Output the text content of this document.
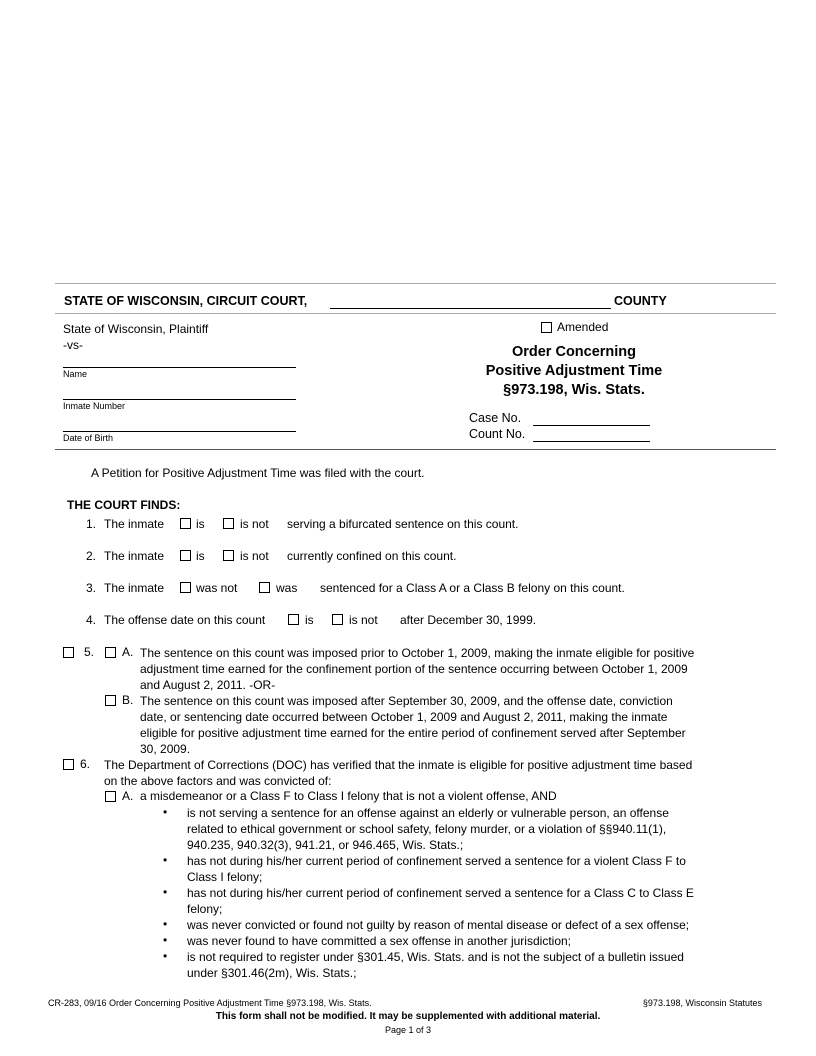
STATE OF WISCONSIN, CIRCUIT COURT,	COUNTY
State of Wisconsin, Plaintiff
-vs-
Name
Inmate Number
Date of Birth
Amended
Order Concerning
Positive Adjustment Time
§973.198, Wis. Stats.
Case No.
Count No.
A Petition for Positive Adjustment Time was filed with the court.
THE COURT FINDS:
1. The inmate	is	is not serving a bifurcated sentence on this count.
2. The inmate	is	is not currently confined on this count.
3. The inmate	was not	was sentenced for a Class A or a Class B felony on this count.
4. The offense date on this count	is	is not after December 30, 1999.
5. A. The sentence on this count was imposed prior to October 1, 2009, making the inmate eligible for positive
adjustment time earned for the confinement portion of the sentence occurring between October 1, 2009
and August 2, 2011. -OR-
B. The sentence on this count was imposed after September 30, 2009, and the offense date, conviction
date, or sentencing date occurred between October 1, 2009 and August 2, 2011, making the inmate
eligible for positive adjustment time earned for the entire period of confinement served after September
30, 2009.
6. The Department of Corrections (DOC) has verified that the inmate is eligible for positive adjustment time based
on the above factors and was convicted of:
A. a misdemeanor or a Class F to Class I felony that is not a violent offense, AND
• is not serving a sentence for an offense against an elderly or vulnerable person, an offense
related to ethical government or school safety, felony murder, or a violation of §§940.11(1),
940.235, 940.32(3), 941.21, or 946.465, Wis. Stats.;
• has not during his/her current period of confinement served a sentence for a violent Class F to
Class I felony;
• has not during his/her current period of confinement served a sentence for a Class C to Class E
felony;
• was never convicted or found not guilty by reason of mental disease or defect of a sex offense;
• was never found to have committed a sex offense in another jurisdiction;
• is not required to register under §301.45, Wis. Stats. and is not the subject of a bulletin issued
under §301.46(2m), Wis. Stats.;
CR-283, 09/16 Order Concerning Positive Adjustment Time §973.198, Wis. Stats.	§973.198, Wisconsin Statutes
This form shall not be modified. It may be supplemented with additional material.
Page 1 of 3
